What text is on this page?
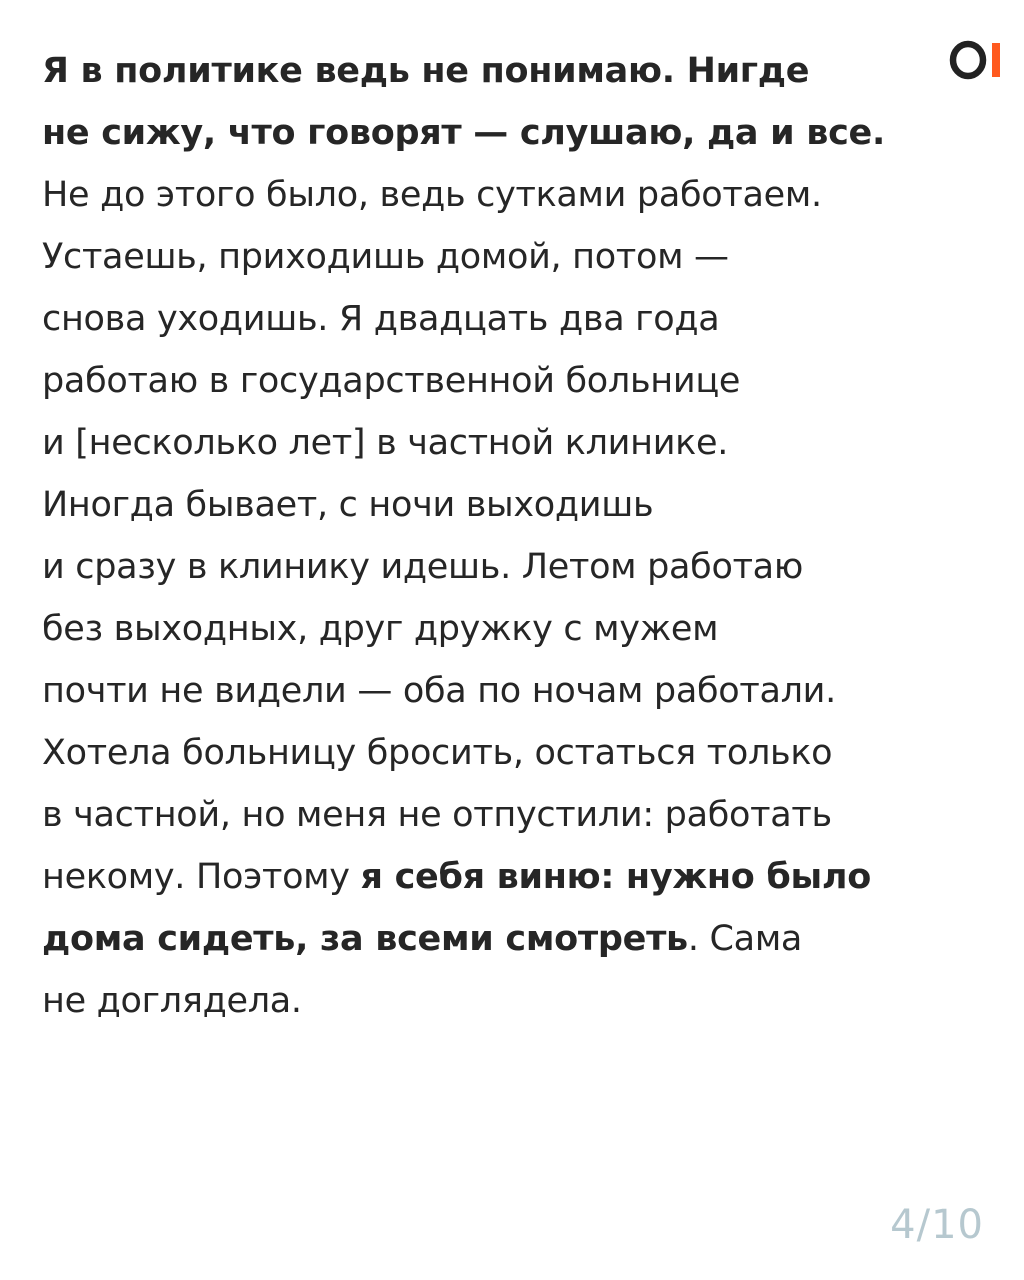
Я в политике ведь не понимаю. Нигде
не сижу, что говорят — слушаю, да и все.
Не до этого было, ведь сутками работаем.
Устаешь, приходишь домой, потом —
снова уходишь. Я двадцать два года
работаю в государственной больнице
и [несколько лет] в частной клинике.
Иногда бывает, с ночи выходишь
и сразу в клинику идешь. Летом работаю
без выходных, друг дружку с мужем
почти не видели — оба по ночам работали.
Хотела больницу бросить, остаться только
в частной, но меня не отпустили: работать
некому. Поэтому я себя виню: нужно было
дома сидеть, за всеми смотреть. Сама
не доглядела.

4/10
